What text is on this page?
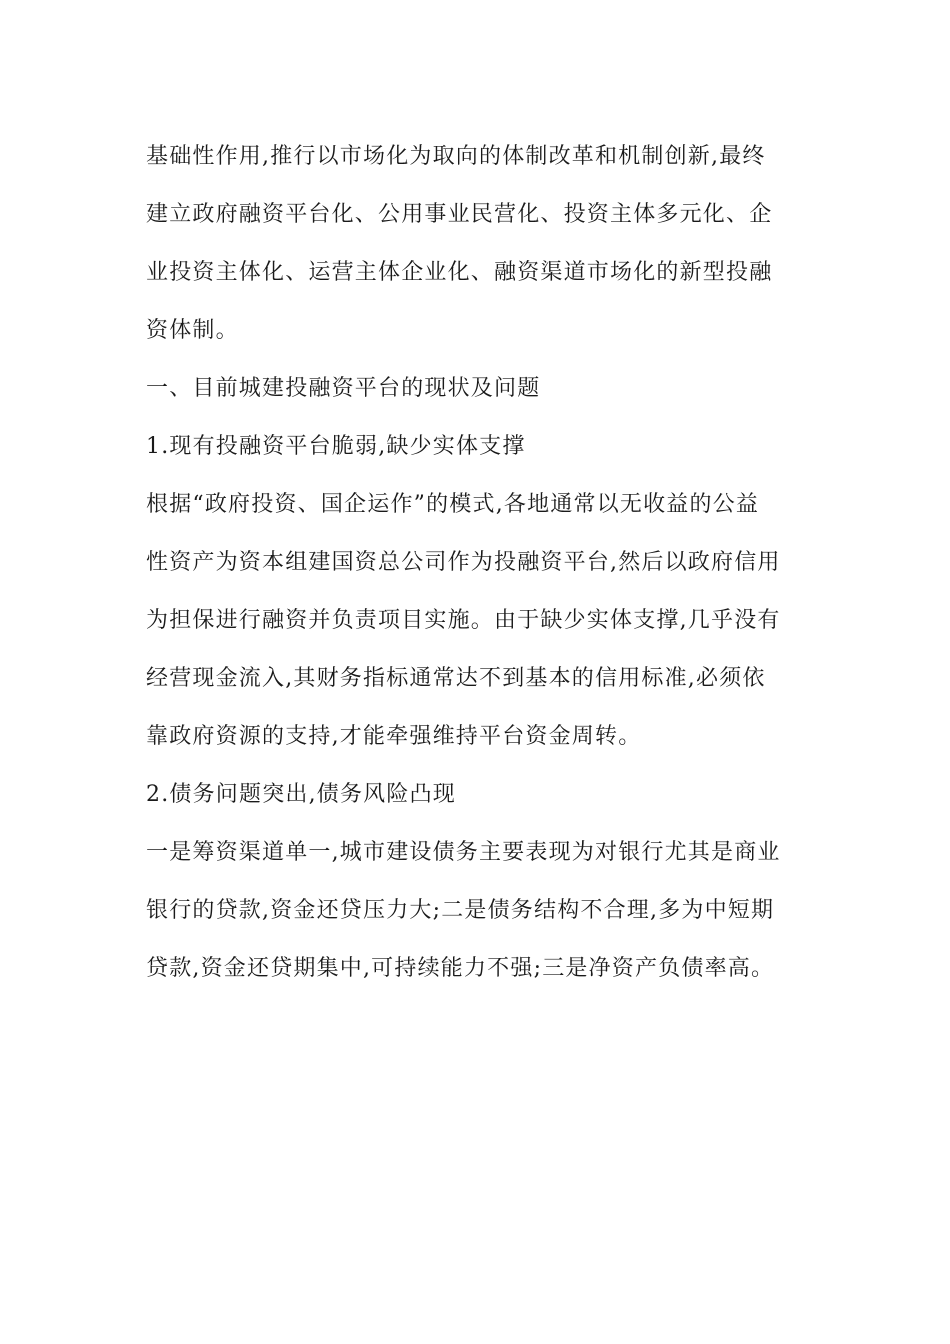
基础性作用,推行以市场化为取向的体制改革和机制创新,最终

建立政府融资平台化、公用事业民营化、投资主体多元化、企

业投资主体化、运营主体企业化、融资渠道市场化的新型投融

资体制。

一、目前城建投融资平台的现状及问题

1.现有投融资平台脆弱,缺少实体支撑

根据“政府投资、国企运作”的模式,各地通常以无收益的公益

性资产为资本组建国资总公司作为投融资平台,然后以政府信用

为担保进行融资并负责项目实施。由于缺少实体支撑,几乎没有

经营现金流入,其财务指标通常达不到基本的信用标准,必须依

靠政府资源的支持,才能牵强维持平台资金周转。

2.债务问题突出,债务风险凸现

一是筹资渠道单一,城市建设债务主要表现为对银行尤其是商业

银行的贷款,资金还贷压力大;二是债务结构不合理,多为中短期

贷款,资金还贷期集中,可持续能力不强;三是净资产负债率高。
